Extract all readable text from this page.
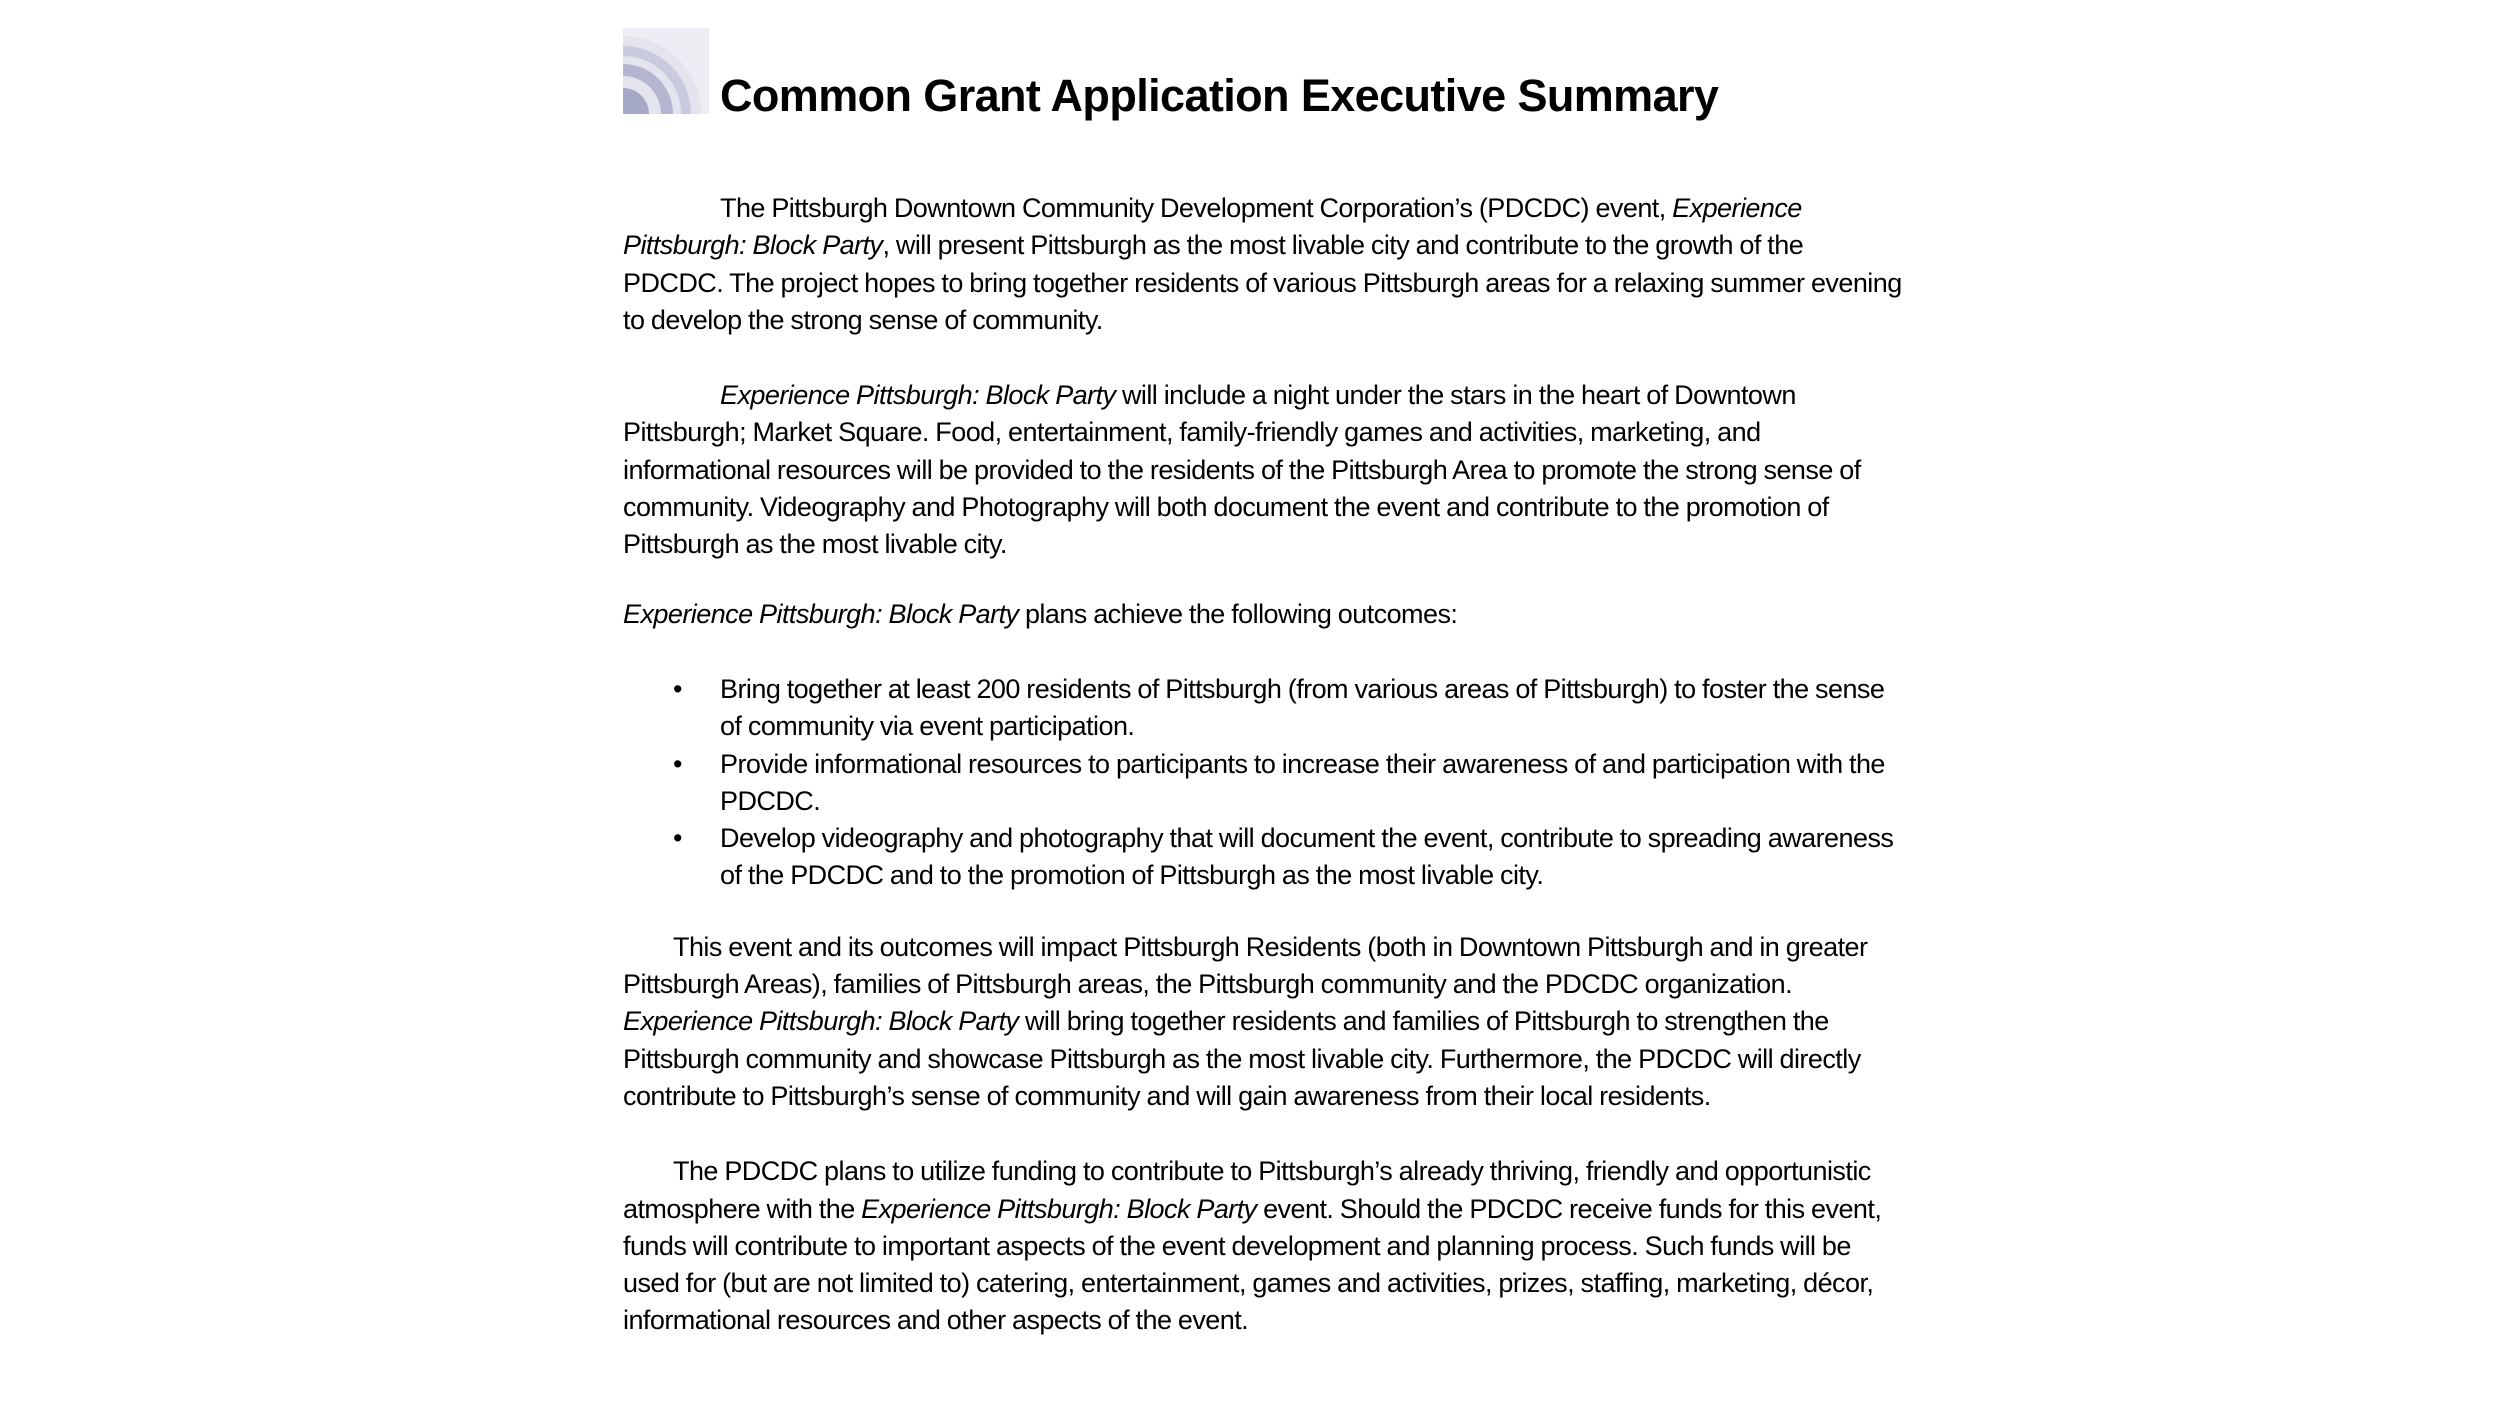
Common Grant Application Executive Summary

The Pittsburgh Downtown Community Development Corporation’s (PDCDC) event, Experience Pittsburgh: Block Party, will present Pittsburgh as the most livable city and contribute to the growth of the PDCDC. The project hopes to bring together residents of various Pittsburgh areas for a relaxing summer evening to develop the strong sense of community.

Experience Pittsburgh: Block Party will include a night under the stars in the heart of Downtown Pittsburgh; Market Square. Food, entertainment, family-friendly games and activities, marketing, and informational resources will be provided to the residents of the Pittsburgh Area to promote the strong sense of community. Videography and Photography will both document the event and contribute to the promotion of Pittsburgh as the most livable city.

Experience Pittsburgh: Block Party plans achieve the following outcomes:

• Bring together at least 200 residents of Pittsburgh (from various areas of Pittsburgh) to foster the sense of community via event participation.
• Provide informational resources to participants to increase their awareness of and participation with the PDCDC.
• Develop videography and photography that will document the event, contribute to spreading awareness of the PDCDC and to the promotion of Pittsburgh as the most livable city.

This event and its outcomes will impact Pittsburgh Residents (both in Downtown Pittsburgh and in greater Pittsburgh Areas), families of Pittsburgh areas, the Pittsburgh community and the PDCDC organization. Experience Pittsburgh: Block Party will bring together residents and families of Pittsburgh to strengthen the Pittsburgh community and showcase Pittsburgh as the most livable city. Furthermore, the PDCDC will directly contribute to Pittsburgh’s sense of community and will gain awareness from their local residents.

The PDCDC plans to utilize funding to contribute to Pittsburgh’s already thriving, friendly and opportunistic atmosphere with the Experience Pittsburgh: Block Party event. Should the PDCDC receive funds for this event, funds will contribute to important aspects of the event development and planning process. Such funds will be used for (but are not limited to) catering, entertainment, games and activities, prizes, staffing, marketing, décor, informational resources and other aspects of the event.
